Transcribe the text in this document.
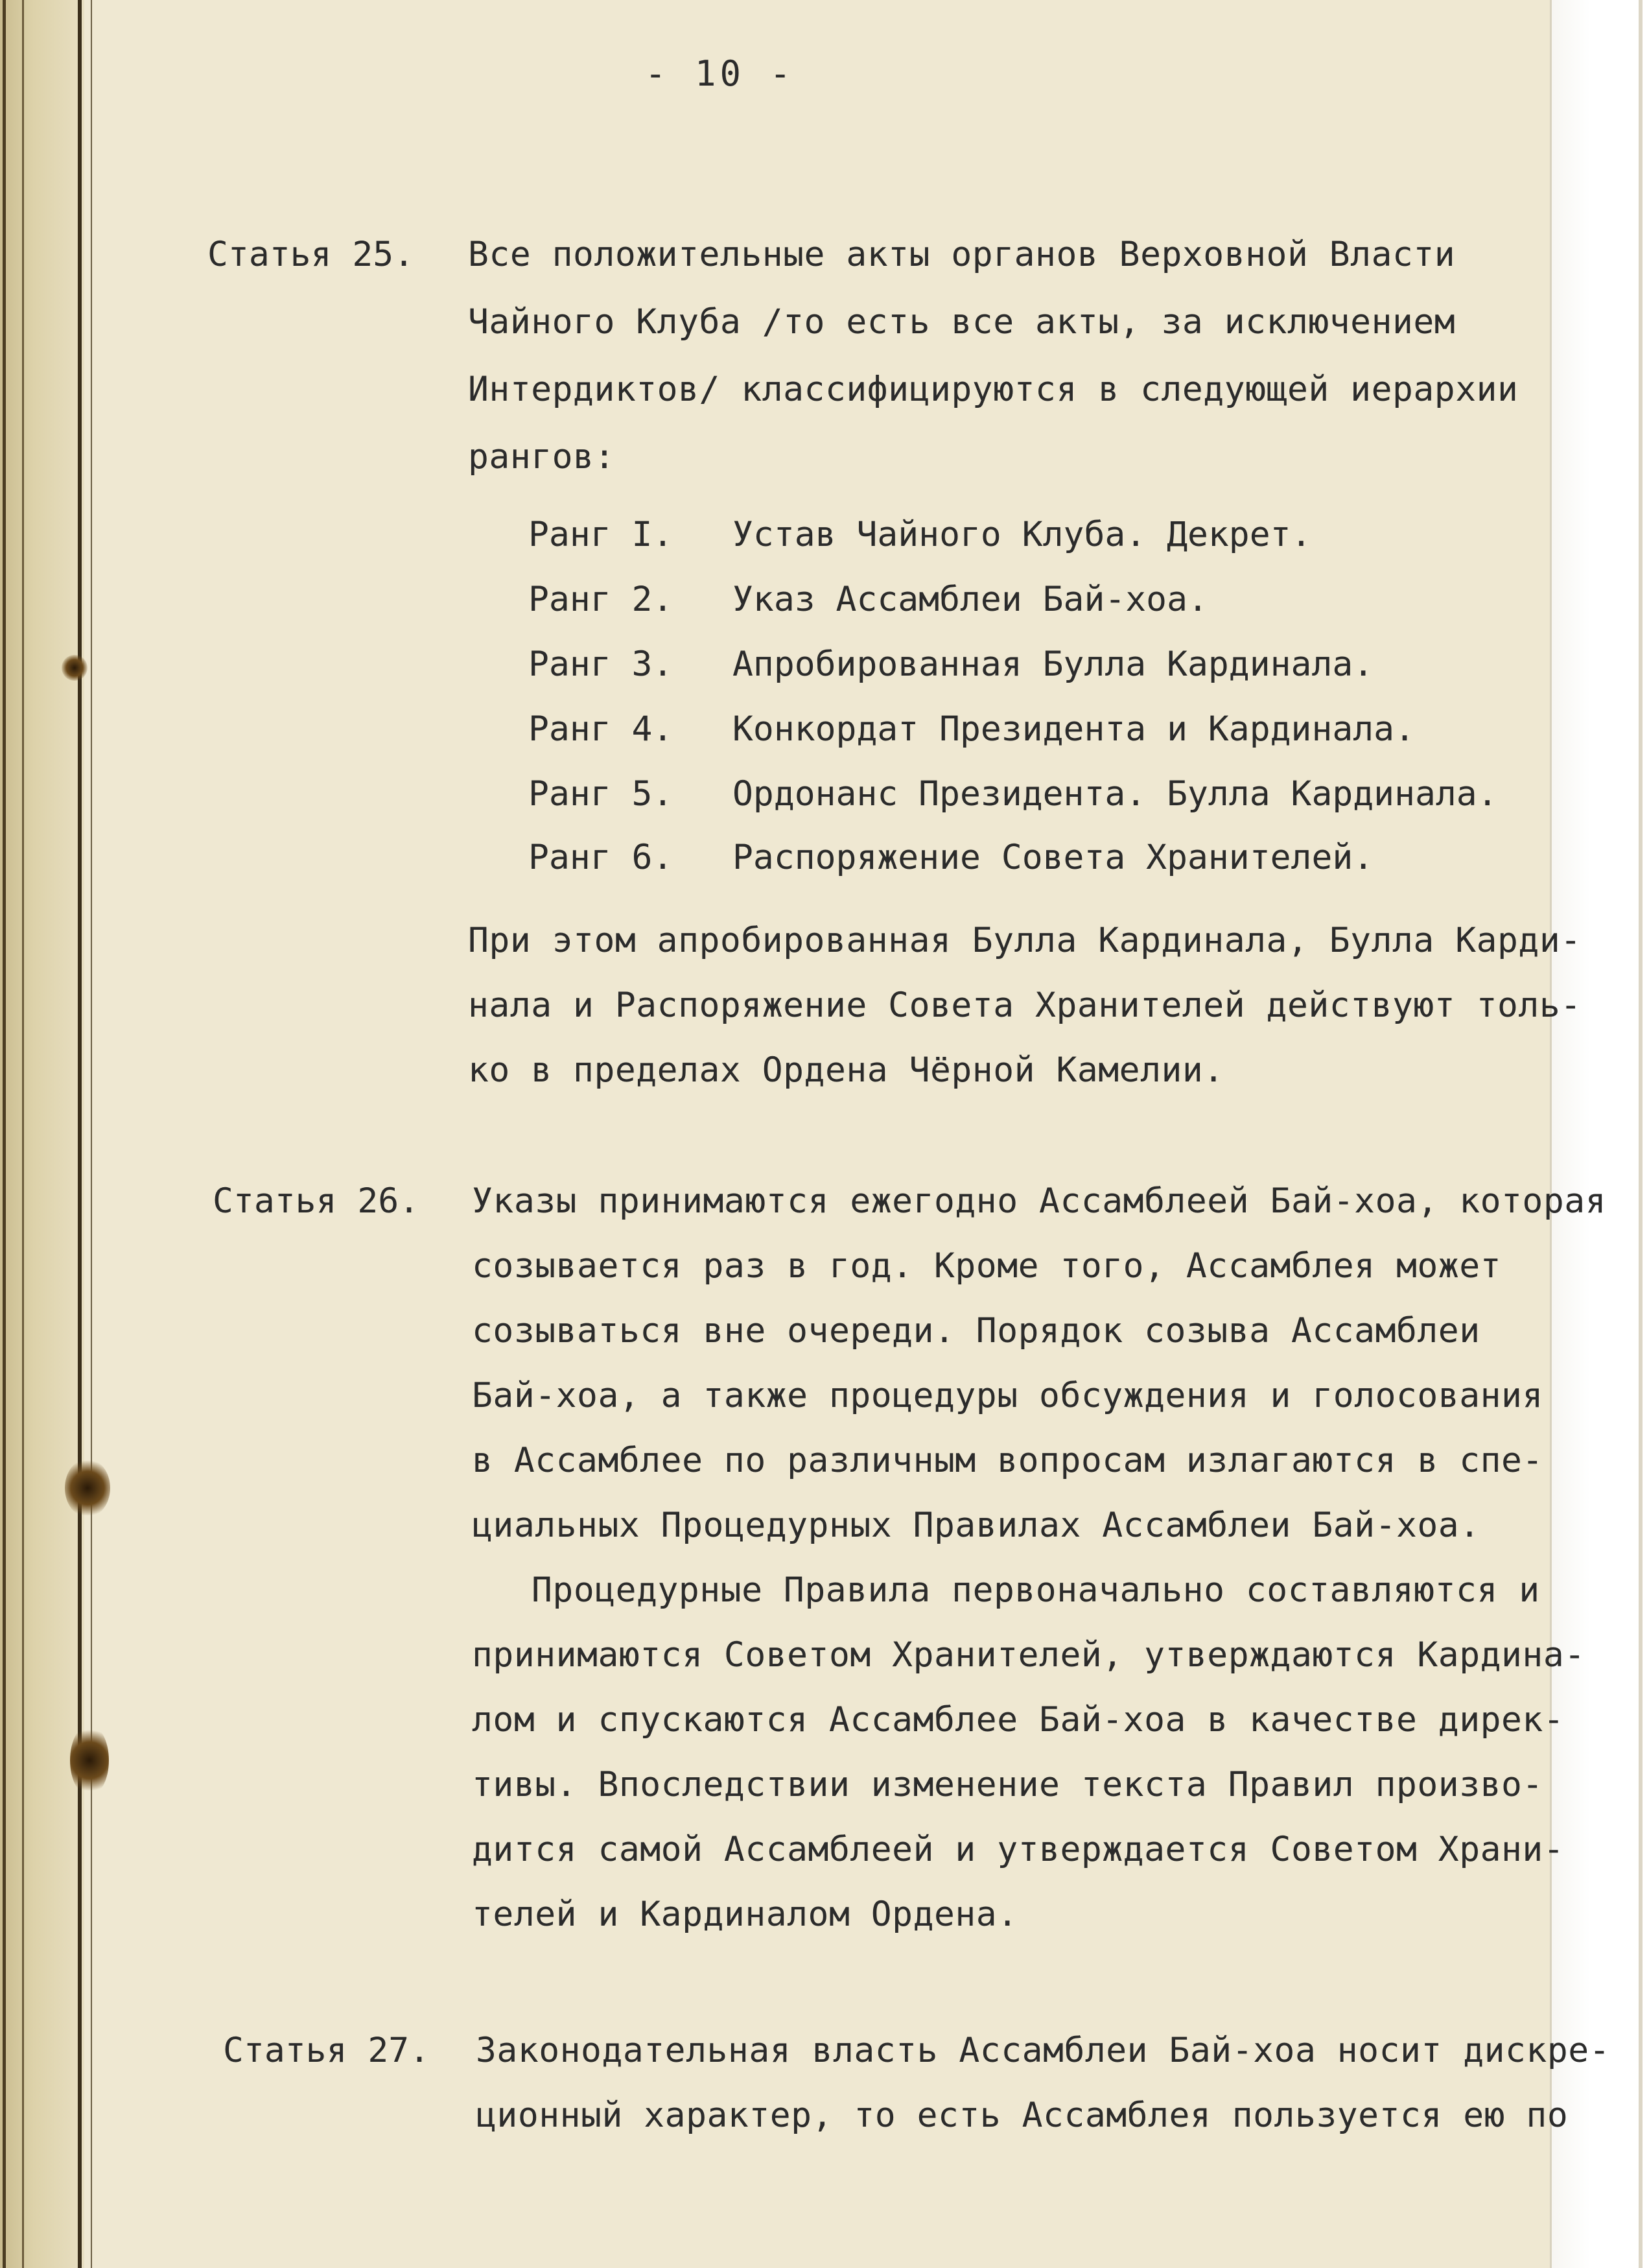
- 10 -
Статья 25. Все положительные акты органов Верховной Власти
Чайного Клуба /то есть все акты, за исключением
Интердиктов/ классифицируются в следующей иерархии
рангов:
Ранг I. Устав Чайного Клуба. Декрет.
Ранг 2. Указ Ассамблеи Бай-хоа.
Ранг 3. Апробированная Булла Кардинала.
Ранг 4. Конкордат Президента и Кардинала.
Ранг 5. Ордонанс Президента. Булла Кардинала.
Ранг 6. Распоряжение Совета Хранителей.
При этом апробированная Булла Кардинала, Булла Карди-
нала и Распоряжение Совета Хранителей действуют толь-
ко в пределах Ордена Чёрной Камелии.
Статья 26. Указы принимаются ежегодно Ассамблеей Бай-хоа, которая
созывается раз в год. Кроме того, Ассамблея может
созываться вне очереди. Порядок созыва Ассамблеи
Бай-хоа, а также процедуры обсуждения и голосования
в Ассамблее по различным вопросам излагаются в спе-
циальных Процедурных Правилах Ассамблеи Бай-хоа.
Процедурные Правила первоначально составляются и
принимаются Советом Хранителей, утверждаются Кардина-
лом и спускаются Ассамблее Бай-хоа в качестве дирек-
тивы. Впоследствии изменение текста Правил произво-
дится самой Ассамблеей и утверждается Советом Храни-
телей и Кардиналом Ордена.
Статья 27. Законодательная власть Ассамблеи Бай-хоа носит дискре-
ционный характер, то есть Ассамблея пользуется ею по
